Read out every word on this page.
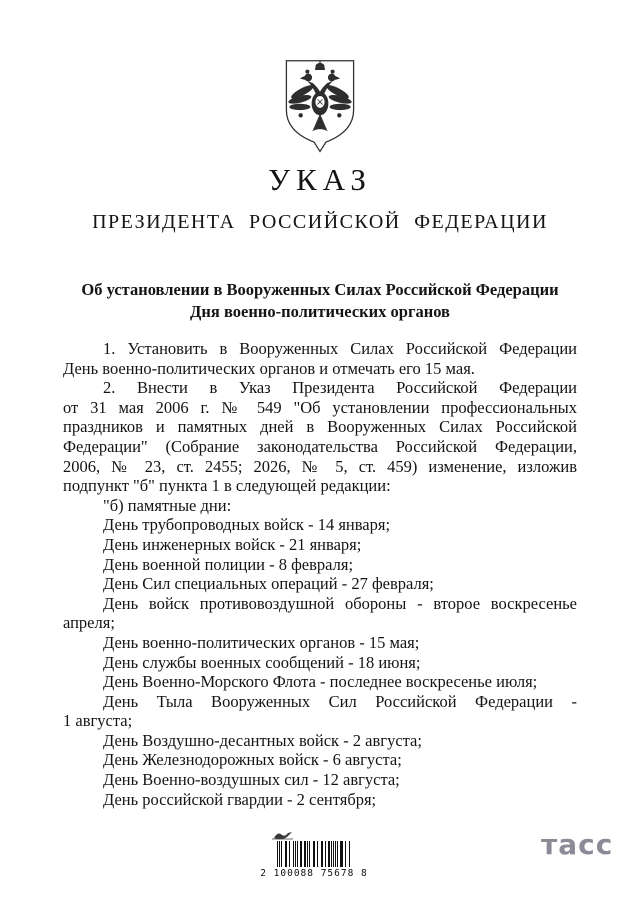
УКАЗ
ПРЕЗИДЕНТА РОССИЙСКОЙ ФЕДЕРАЦИИ
Об установлении в Вооруженных Силах Российской Федерации
Дня военно-политических органов
1. Установить в Вооруженных Силах Российской Федерации
День военно-политических органов и отмечать его 15 мая.
2. Внести в Указ Президента Российской Федерации
от 31 мая 2006 г. № 549 "Об установлении профессиональных
праздников и памятных дней в Вооруженных Силах Российской
Федерации" (Собрание законодательства Российской Федерации,
2006, № 23, ст. 2455; 2026, № 5, ст. 459) изменение, изложив
подпункт "б" пункта 1 в следующей редакции:
"б) памятные дни:
День трубопроводных войск - 14 января;
День инженерных войск - 21 января;
День военной полиции - 8 февраля;
День Сил специальных операций - 27 февраля;
День войск противовоздушной обороны - второе воскресенье
апреля;
День военно-политических органов - 15 мая;
День службы военных сообщений - 18 июня;
День Военно-Морского Флота - последнее воскресенье июля;
День Тыла Вооруженных Сил Российской Федерации -
1 августа;
День Воздушно-десантных войск - 2 августа;
День Железнодорожных войск - 6 августа;
День Военно-воздушных сил - 12 августа;
День российской гвардии - 2 сентября;
2 100088 75678 8
тасс
